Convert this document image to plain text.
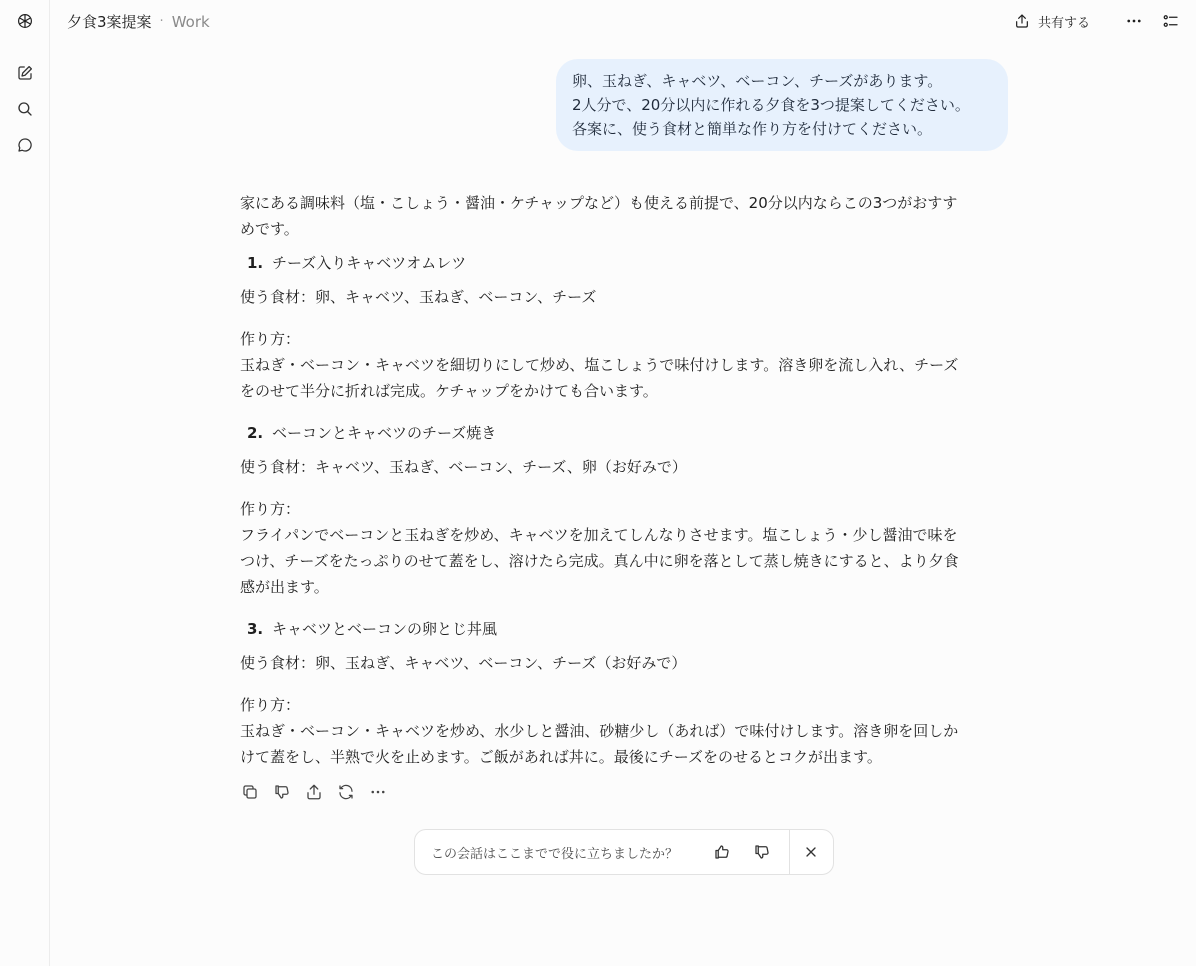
夕食3案提案 · Work	共有する
卵、玉ねぎ、キャベツ、ベーコン、チーズがあります。
2人分で、20分以内に作れる夕食を3つ提案してください。
各案に、使う食材と簡単な作り方を付けてください。

家にある調味料（塩・こしょう・醤油・ケチャップなど）も使える前提で、20分以内ならこの3つがおすす

めです。

1. チーズ入りキャベツオムレツ

使う食材：卵、キャベツ、玉ねぎ、ベーコン、チーズ

作り方：

玉ねぎ・ベーコン・キャベツを細切りにして炒め、塩こしょうで味付けします。溶き卵を流し入れ、チーズ

をのせて半分に折れば完成。ケチャップをかけても合います。

2. ベーコンとキャベツのチーズ焼き

使う食材：キャベツ、玉ねぎ、ベーコン、チーズ、卵（お好みで）

作り方：

フライパンでベーコンと玉ねぎを炒め、キャベツを加えてしんなりさせます。塩こしょう・少し醤油で味を

つけ、チーズをたっぷりのせて蓋をし、溶けたら完成。真ん中に卵を落として蒸し焼きにすると、より夕食

感が出ます。

3. キャベツとベーコンの卵とじ丼風

使う食材：卵、玉ねぎ、キャベツ、ベーコン、チーズ（お好みで）

作り方：

玉ねぎ・ベーコン・キャベツを炒め、水少しと醤油、砂糖少し（あれば）で味付けします。溶き卵を回しか

けて蓋をし、半熟で火を止めます。ご飯があれば丼に。最後にチーズをのせるとコクが出ます。

この会話はここまでで役に立ちましたか？
